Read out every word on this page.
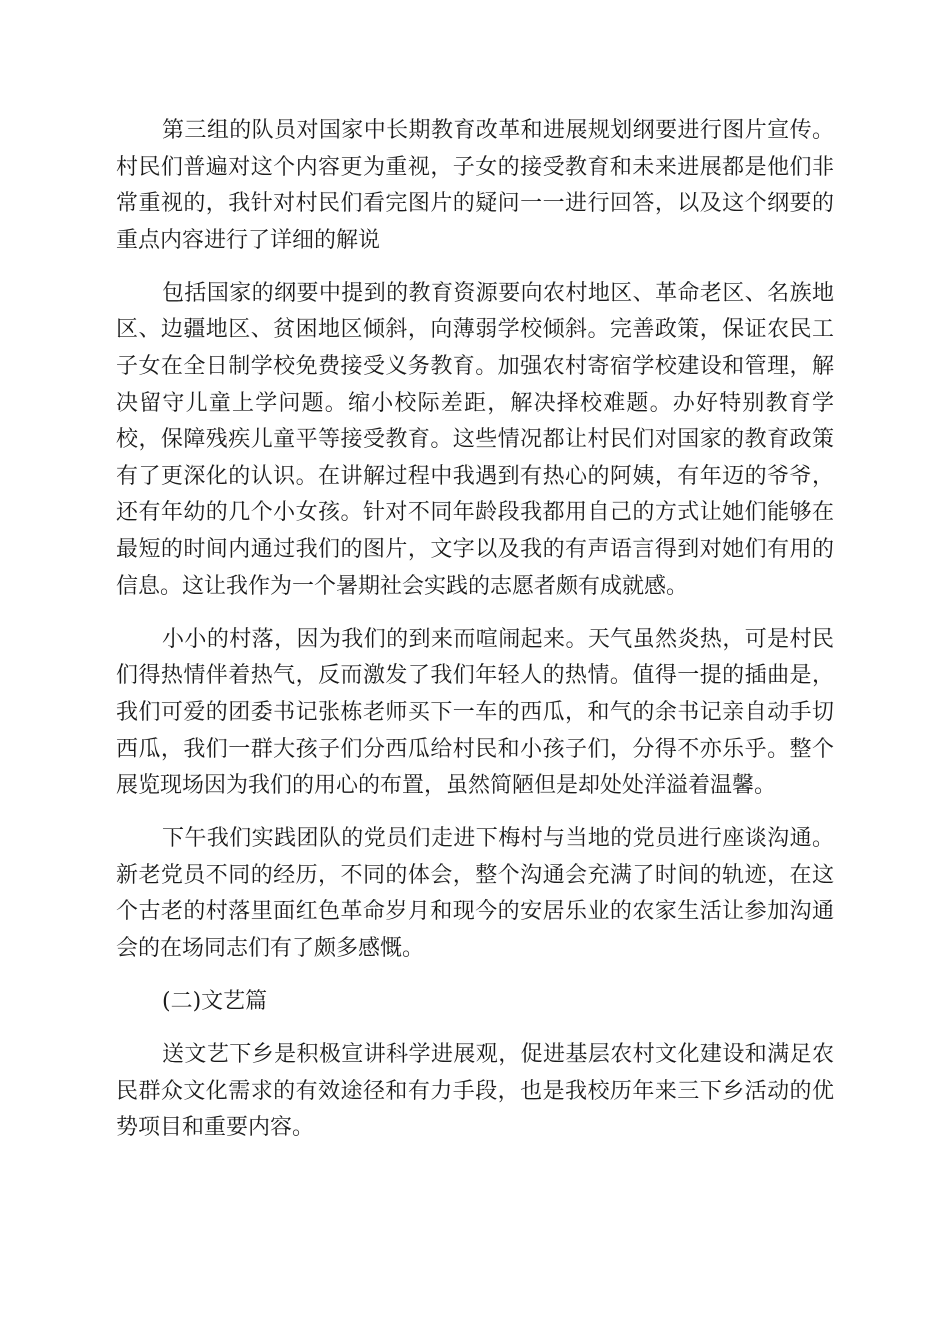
第三组的队员对国家中长期教育改革和进展规划纲要进行图片宣传。村民们普遍对这个内容更为重视，子女的接受教育和未来进展都是他们非常重视的，我针对村民们看完图片的疑问一一进行回答，以及这个纲要的重点内容进行了详细的解说

包括国家的纲要中提到的教育资源要向农村地区、革命老区、名族地区、边疆地区、贫困地区倾斜，向薄弱学校倾斜。完善政策，保证农民工子女在全日制学校免费接受义务教育。加强农村寄宿学校建设和管理，解决留守儿童上学问题。缩小校际差距，解决择校难题。办好特别教育学校，保障残疾儿童平等接受教育。这些情况都让村民们对国家的教育政策有了更深化的认识。在讲解过程中我遇到有热心的阿姨，有年迈的爷爷，还有年幼的几个小女孩。针对不同年龄段我都用自己的方式让她们能够在最短的时间内通过我们的图片，文字以及我的有声语言得到对她们有用的信息。这让我作为一个暑期社会实践的志愿者颇有成就感。

小小的村落，因为我们的到来而喧闹起来。天气虽然炎热，可是村民们得热情伴着热气，反而激发了我们年轻人的热情。值得一提的插曲是，我们可爱的团委书记张栋老师买下一车的西瓜，和气的余书记亲自动手切西瓜，我们一群大孩子们分西瓜给村民和小孩子们，分得不亦乐乎。整个展览现场因为我们的用心的布置，虽然简陋但是却处处洋溢着温馨。

下午我们实践团队的党员们走进下梅村与当地的党员进行座谈沟通。新老党员不同的经历，不同的体会，整个沟通会充满了时间的轨迹，在这个古老的村落里面红色革命岁月和现今的安居乐业的农家生活让参加沟通会的在场同志们有了颇多感慨。

(二)文艺篇

送文艺下乡是积极宣讲科学进展观，促进基层农村文化建设和满足农民群众文化需求的有效途径和有力手段，也是我校历年来三下乡活动的优势项目和重要内容。
